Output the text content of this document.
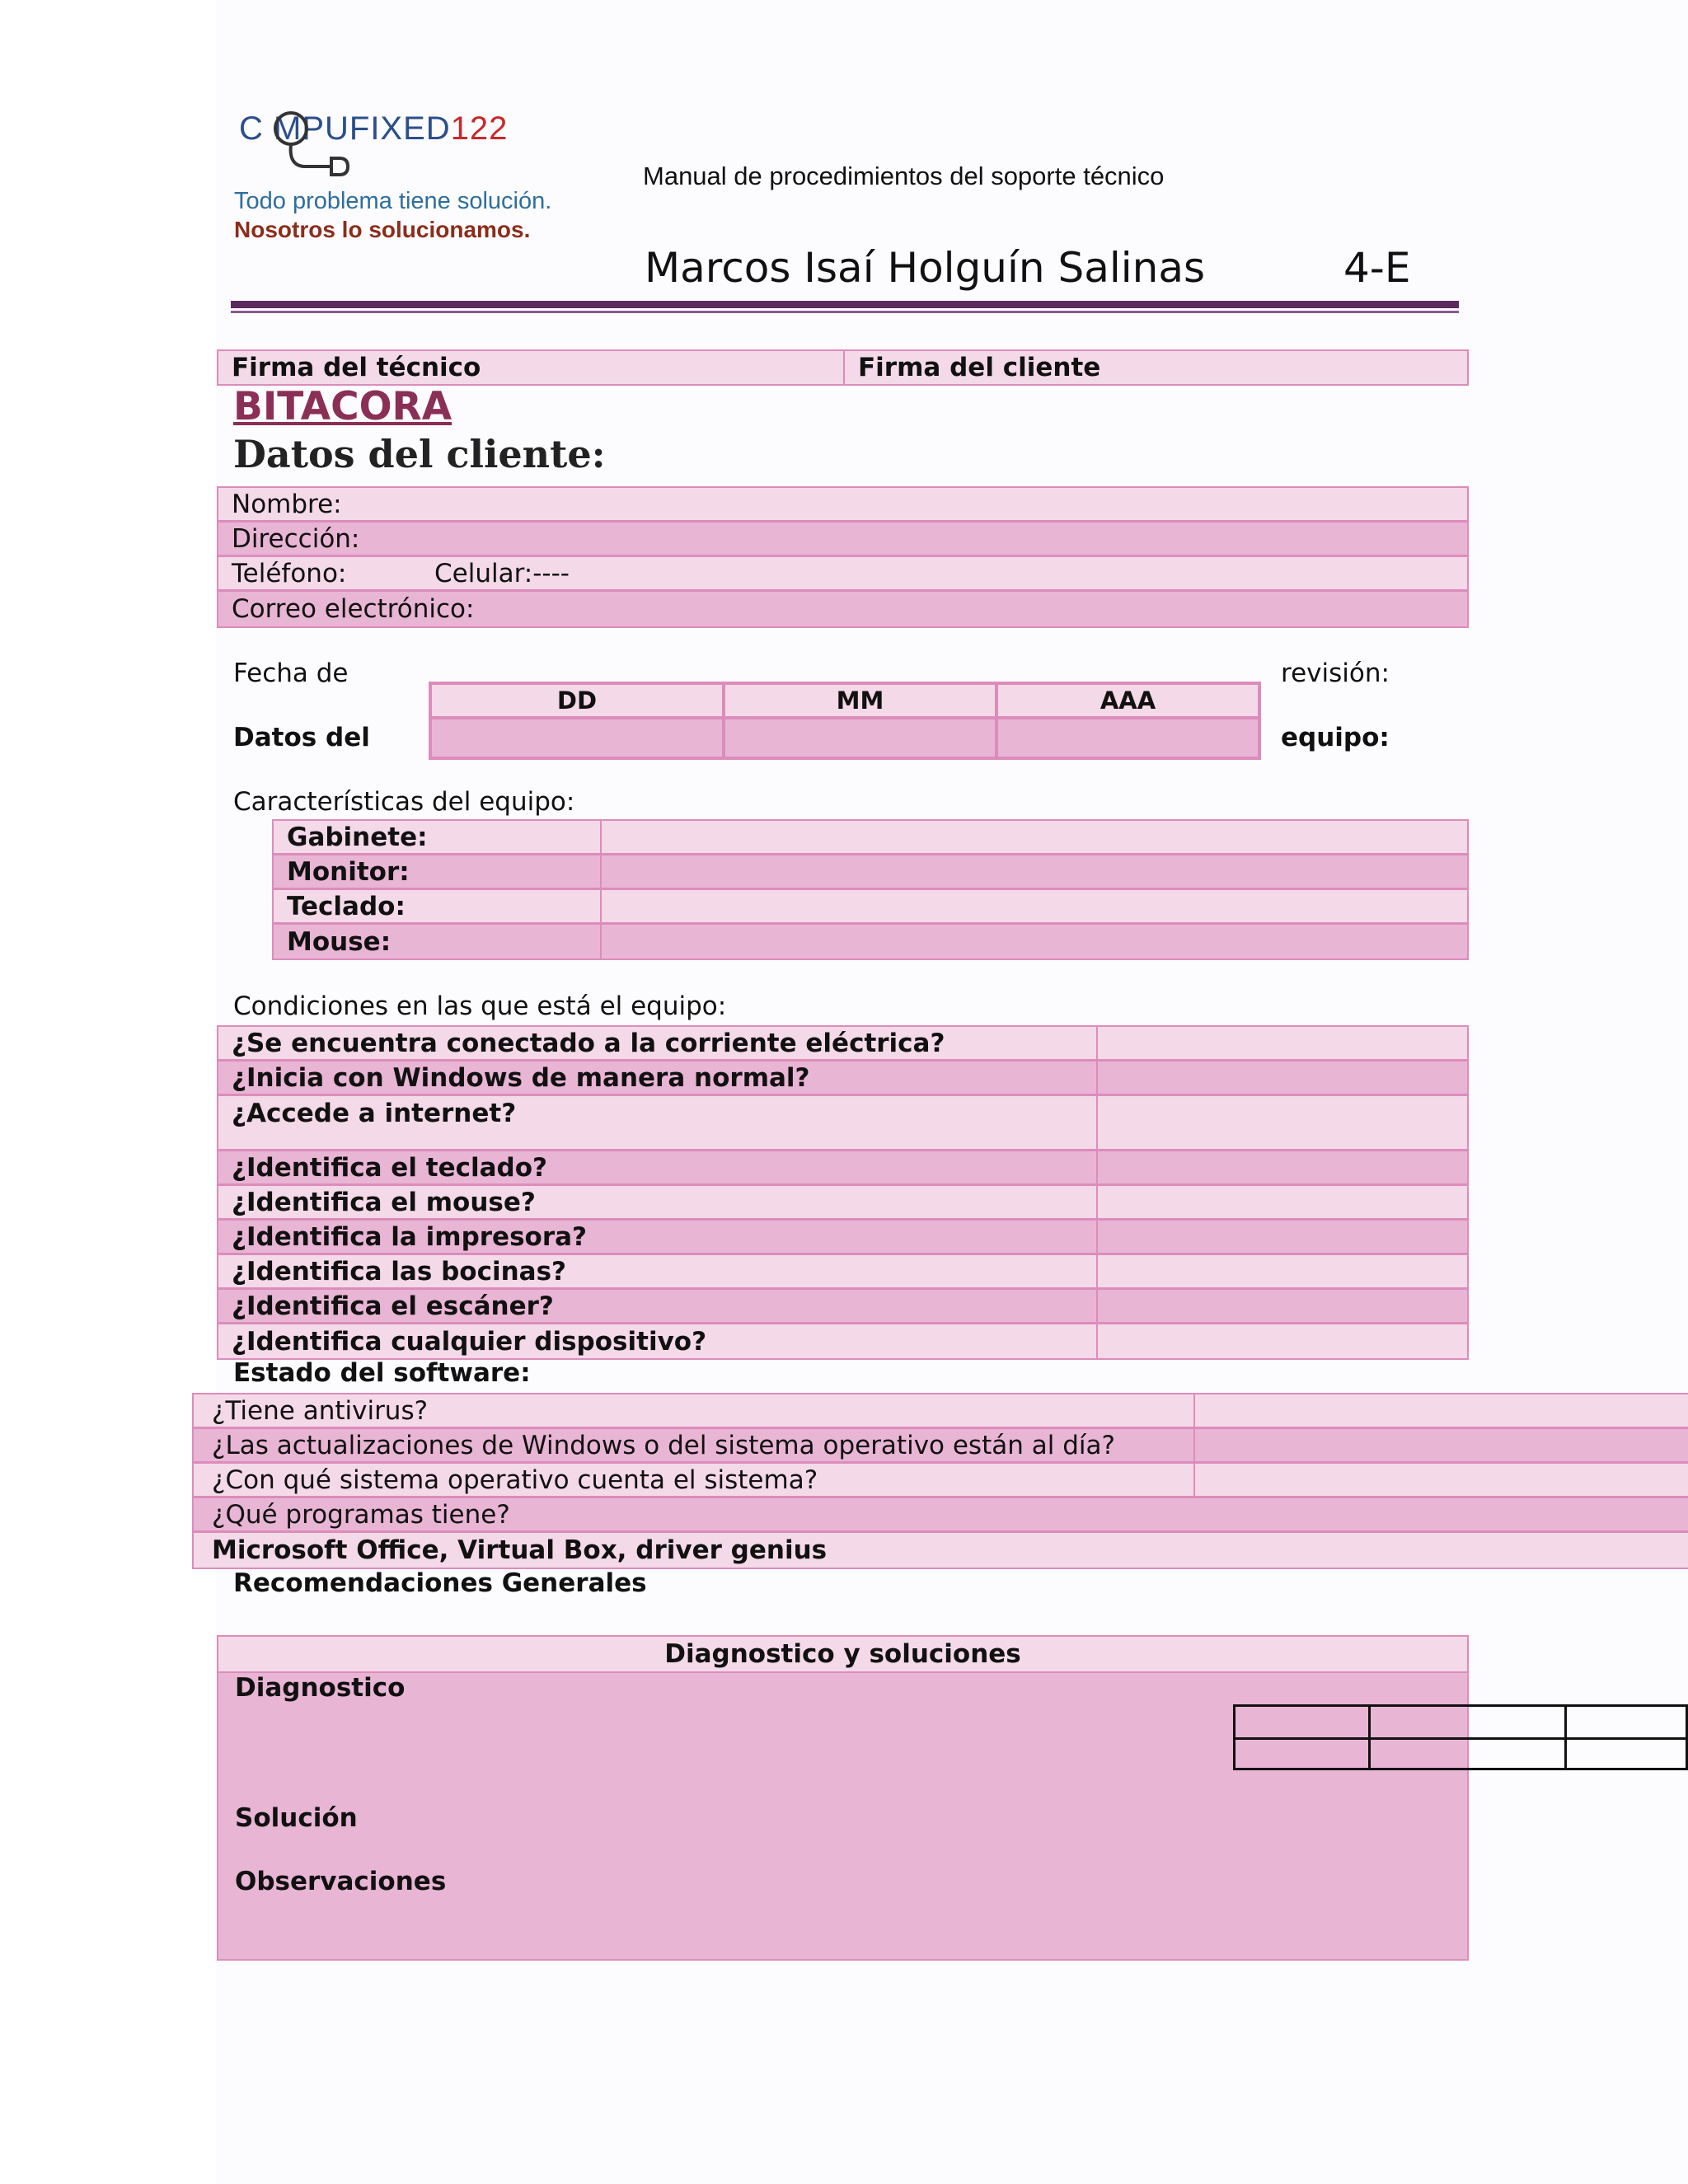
C MPUFIXED122
Todo problema tiene solución.
Nosotros lo solucionamos.
Manual de procedimientos del soporte técnico
Marcos Isaí Holguín Salinas	4-E
Firma del técnico	Firma del cliente
BITACORA
Datos del cliente:
Nombre:
Dirección:
Teléfono:	Celular:----
Correo electrónico:
Fecha de	revisión:
Datos del	equipo:
DD	MM	AAA
Características del equipo:
Gabinete:
Monitor:
Teclado:
Mouse:
Condiciones en las que está el equipo:
¿Se encuentra conectado a la corriente eléctrica?
¿Inicia con Windows de manera normal?
¿Accede a internet?
¿Identifica el teclado?
¿Identifica el mouse?
¿Identifica la impresora?
¿Identifica las bocinas?
¿Identifica el escáner?
¿Identifica cualquier dispositivo?
Estado del software:
¿Tiene antivirus?
¿Las actualizaciones de Windows o del sistema operativo están al día?
¿Con qué sistema operativo cuenta el sistema?
¿Qué programas tiene?
Microsoft Office, Virtual Box, driver genius
Recomendaciones Generales
Diagnostico y soluciones
Diagnostico
Solución
Observaciones
